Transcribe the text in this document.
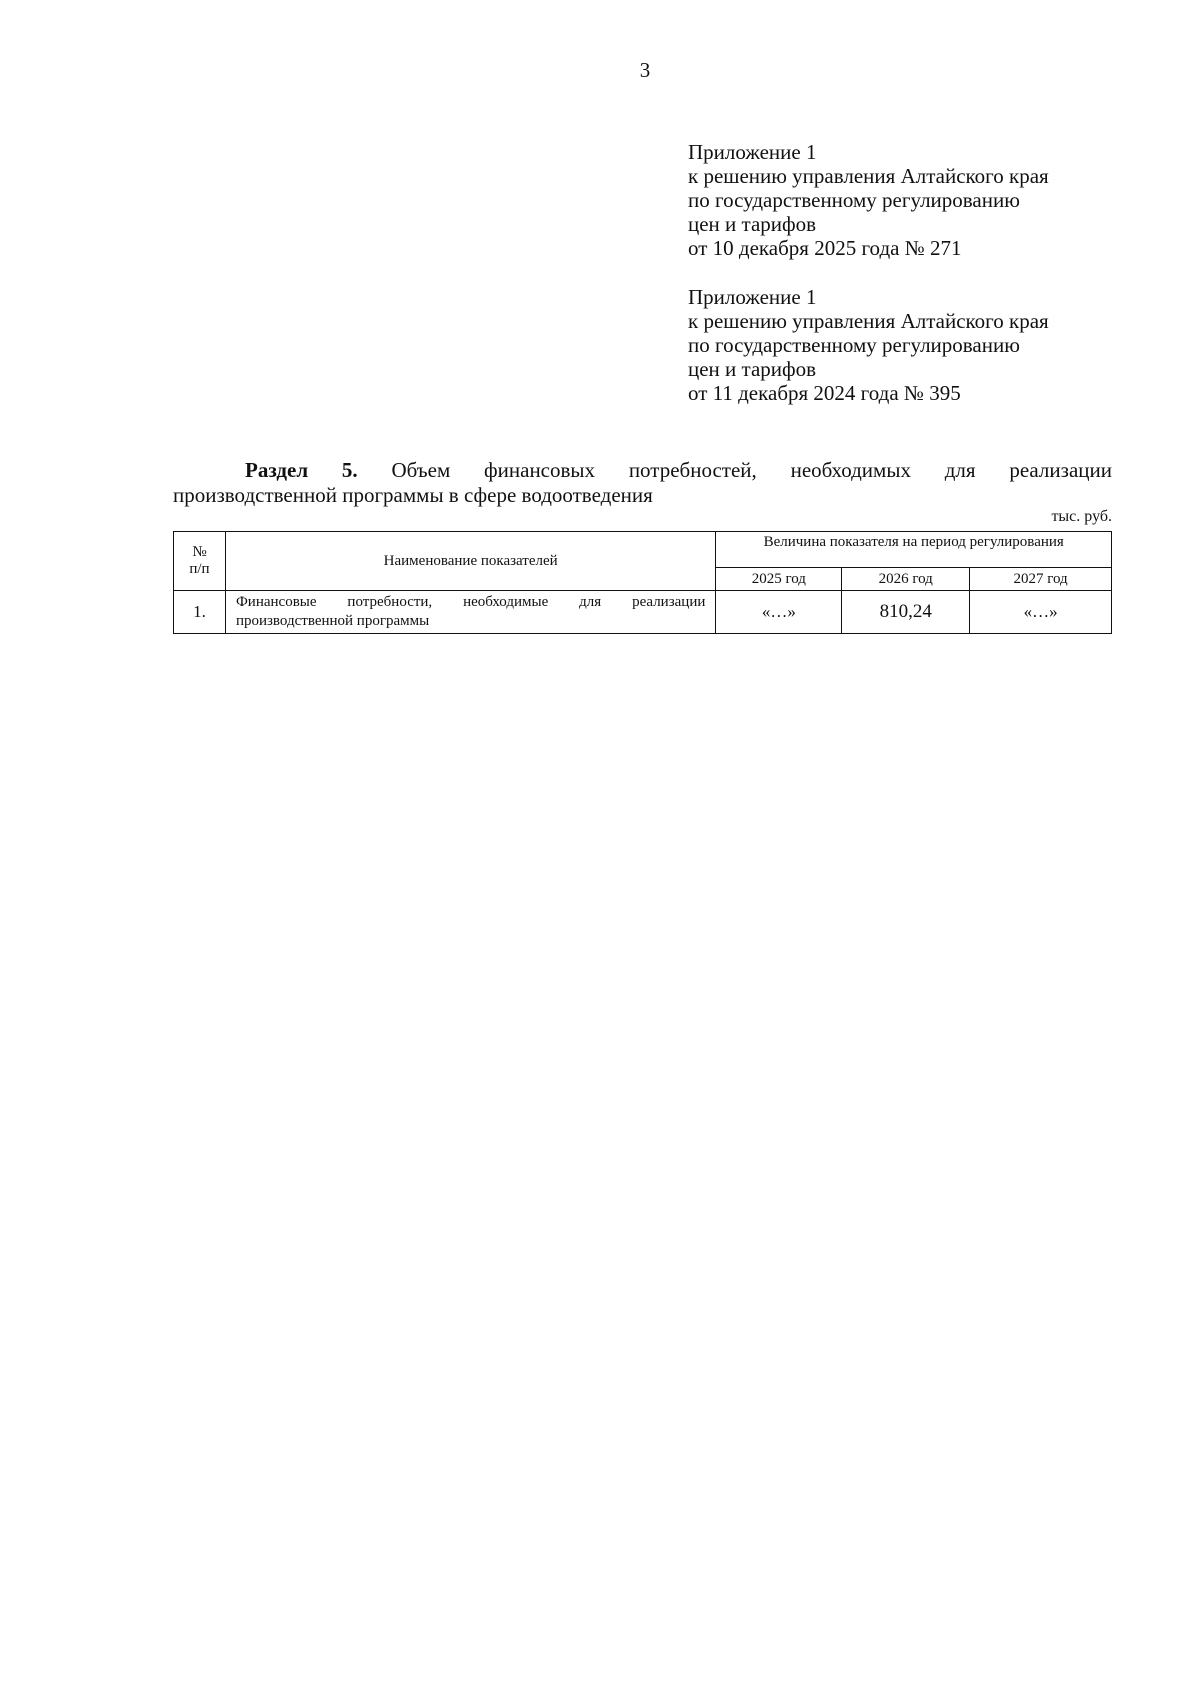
3
Приложение 1
к решению управления Алтайского края
по государственному регулированию
цен и тарифов
от 10 декабря 2025 года № 271
Приложение 1
к решению управления Алтайского края
по государственному регулированию
цен и тарифов
от 11 декабря 2024 года № 395
Раздел 5. Объем финансовых потребностей, необходимых для реализации
производственной программы в сфере водоотведения
тыс. руб.
№
п/п	Наименование показателей	Величина показателя на период регулирования		
		2025 год	2026 год	2027 год
1.	Финансовые потребности, необходимые для реализации производственной программы	«…»	810,24	«…»
